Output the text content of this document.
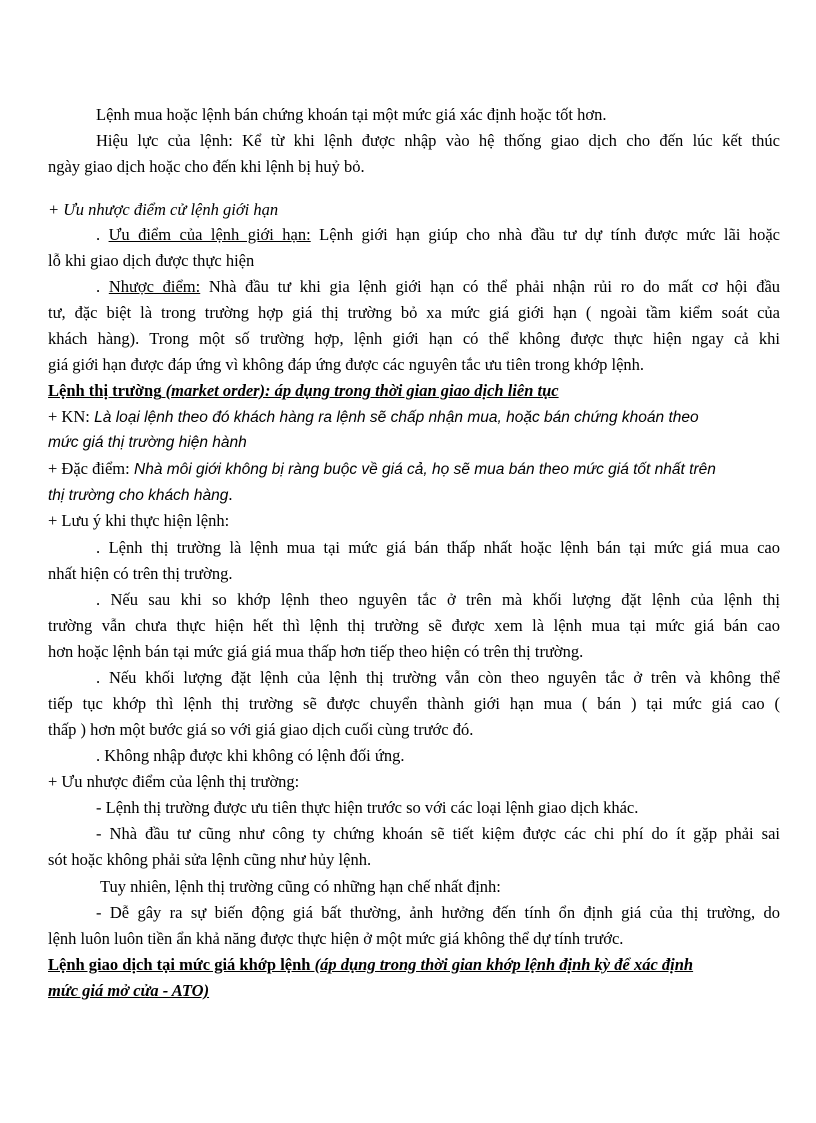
Lệnh mua hoặc lệnh bán chứng khoán tại một mức giá xác định hoặc tốt hơn.
Hiệu lực của lệnh: Kể từ khi lệnh được nhập vào hệ thống giao dịch cho đến lúc kết thúc
ngày giao dịch hoặc cho đến khi lệnh bị huỷ bỏ.
+ Ưu nhược điểm cử lệnh giới hạn
. Ưu điểm của lệnh giới hạn: Lệnh giới hạn giúp cho nhà đầu tư dự tính được mức lãi hoặc
lỗ khi giao dịch được thực hiện
. Nhược điểm: Nhà đầu tư khi gia lệnh giới hạn có thể phải nhận rủi ro do mất cơ hội đầu
tư, đặc biệt là trong trường hợp giá thị trường bỏ xa mức giá giới hạn ( ngoài tầm kiểm soát của
khách hàng). Trong một số trường hợp, lệnh giới hạn có thể không được thực hiện ngay cả khi
giá giới hạn được đáp ứng vì không đáp ứng được các nguyên tắc ưu tiên trong khớp lệnh.
Lệnh thị trường (market order): áp dụng trong thời gian giao dịch liên tục
+ KN: Là loại lệnh theo đó khách hàng ra lệnh sẽ chấp nhận mua, hoặc bán chứng khoán theo
mức giá thị trường hiện hành
+ Đặc điểm: Nhà môi giới không bị ràng buộc về giá cả, họ sẽ mua bán theo mức giá tốt nhất trên
thị trường cho khách hàng.
+ Lưu ý khi thực hiện lệnh:
. Lệnh thị trường là lệnh mua tại mức giá bán thấp nhất hoặc lệnh bán tại mức giá mua cao
nhất hiện có trên thị trường.
. Nếu sau khi so khớp lệnh theo nguyên tắc ở trên mà khối lượng đặt lệnh của lệnh thị
trường vẫn chưa thực hiện hết thì lệnh thị trường sẽ được xem là lệnh mua tại mức giá bán cao
hơn hoặc lệnh bán tại mức giá giá mua thấp hơn tiếp theo hiện có trên thị trường.
. Nếu khối lượng đặt lệnh của lệnh thị trường vẫn còn theo nguyên tắc ở trên và không thể
tiếp tục khớp thì lệnh thị trường sẽ được chuyển thành giới hạn mua ( bán ) tại mức giá cao (
thấp ) hơn một bước giá so với giá giao dịch cuối cùng trước đó.
. Không nhập được khi không có lệnh đối ứng.
+ Ưu nhược điểm của lệnh thị trường:
- Lệnh thị trường được ưu tiên thực hiện trước so với các loại lệnh giao dịch khác.
- Nhà đầu tư cũng như công ty chứng khoán sẽ tiết kiệm được các chi phí do ít gặp phải sai
sót hoặc không phải sửa lệnh cũng như hủy lệnh.
Tuy nhiên, lệnh thị trường cũng có những hạn chế nhất định:
- Dễ gây ra sự biến động giá bất thường, ảnh hưởng đến tính ổn định giá của thị trường, do
lệnh luôn luôn tiền ẩn khả năng được thực hiện ở một mức giá không thể dự tính trước.
Lệnh giao dịch tại mức giá khớp lệnh (áp dụng trong thời gian khớp lệnh định kỳ để xác định
mức giá mở cửa - ATO)
